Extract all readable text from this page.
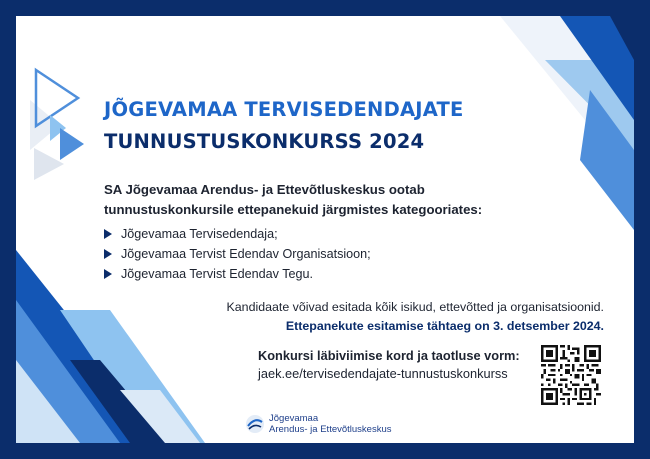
JÕGEVAMAA TERVISEDENDAJATE
TUNNUSTUSKONKURSS 2024

SA Jõgevamaa Arendus- ja Ettevõtluskeskus ootab
tunnustuskonkursile ettepanekuid järgmistes kategooriates:

Jõgevamaa Tervisedendaja;
Jõgevamaa Tervist Edendav Organisatsioon;
Jõgevamaa Tervist Edendav Tegu.

Kandidaate võivad esitada kõik isikud, ettevõtted ja organisatsioonid.

Ettepanekute esitamise tähtaeg on 3. detsember 2024.

Konkursi läbiviimise kord ja taotluse vorm:

jaek.ee/tervisedendajate-tunnustuskonkurss

Jõgevamaa
Arendus- ja Ettevõtluskeskus
